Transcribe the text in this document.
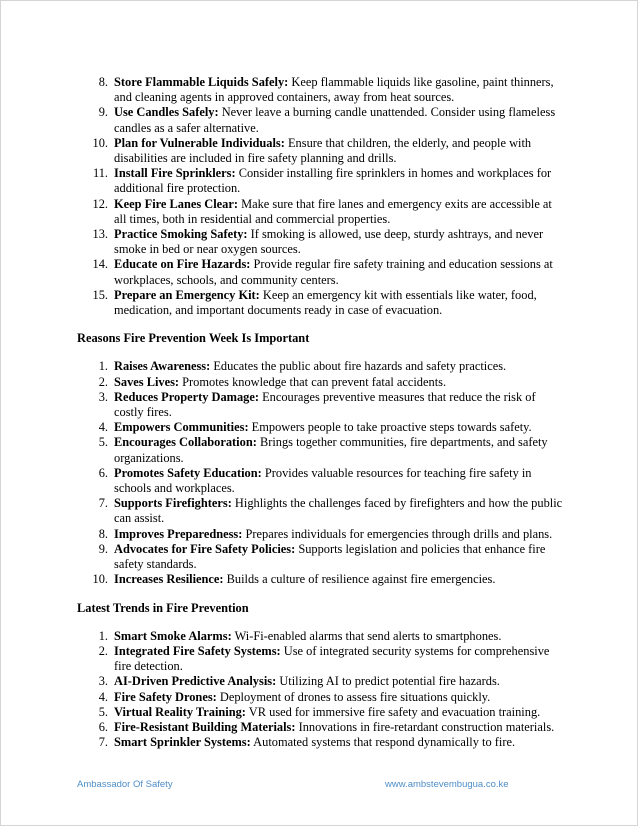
8. Store Flammable Liquids Safely: Keep flammable liquids like gasoline, paint thinners, and cleaning agents in approved containers, away from heat sources.
9. Use Candles Safely: Never leave a burning candle unattended. Consider using flameless candles as a safer alternative.
10. Plan for Vulnerable Individuals: Ensure that children, the elderly, and people with disabilities are included in fire safety planning and drills.
11. Install Fire Sprinklers: Consider installing fire sprinklers in homes and workplaces for additional fire protection.
12. Keep Fire Lanes Clear: Make sure that fire lanes and emergency exits are accessible at all times, both in residential and commercial properties.
13. Practice Smoking Safety: If smoking is allowed, use deep, sturdy ashtrays, and never smoke in bed or near oxygen sources.
14. Educate on Fire Hazards: Provide regular fire safety training and education sessions at workplaces, schools, and community centers.
15. Prepare an Emergency Kit: Keep an emergency kit with essentials like water, food, medication, and important documents ready in case of evacuation.
Reasons Fire Prevention Week Is Important
1. Raises Awareness: Educates the public about fire hazards and safety practices.
2. Saves Lives: Promotes knowledge that can prevent fatal accidents.
3. Reduces Property Damage: Encourages preventive measures that reduce the risk of costly fires.
4. Empowers Communities: Empowers people to take proactive steps towards safety.
5. Encourages Collaboration: Brings together communities, fire departments, and safety organizations.
6. Promotes Safety Education: Provides valuable resources for teaching fire safety in schools and workplaces.
7. Supports Firefighters: Highlights the challenges faced by firefighters and how the public can assist.
8. Improves Preparedness: Prepares individuals for emergencies through drills and plans.
9. Advocates for Fire Safety Policies: Supports legislation and policies that enhance fire safety standards.
10. Increases Resilience: Builds a culture of resilience against fire emergencies.
Latest Trends in Fire Prevention
1. Smart Smoke Alarms: Wi-Fi-enabled alarms that send alerts to smartphones.
2. Integrated Fire Safety Systems: Use of integrated security systems for comprehensive fire detection.
3. AI-Driven Predictive Analysis: Utilizing AI to predict potential fire hazards.
4. Fire Safety Drones: Deployment of drones to assess fire situations quickly.
5. Virtual Reality Training: VR used for immersive fire safety and evacuation training.
6. Fire-Resistant Building Materials: Innovations in fire-retardant construction materials.
7. Smart Sprinkler Systems: Automated systems that respond dynamically to fire.
Ambassador Of Safety	www.ambstevembugua.co.ke
